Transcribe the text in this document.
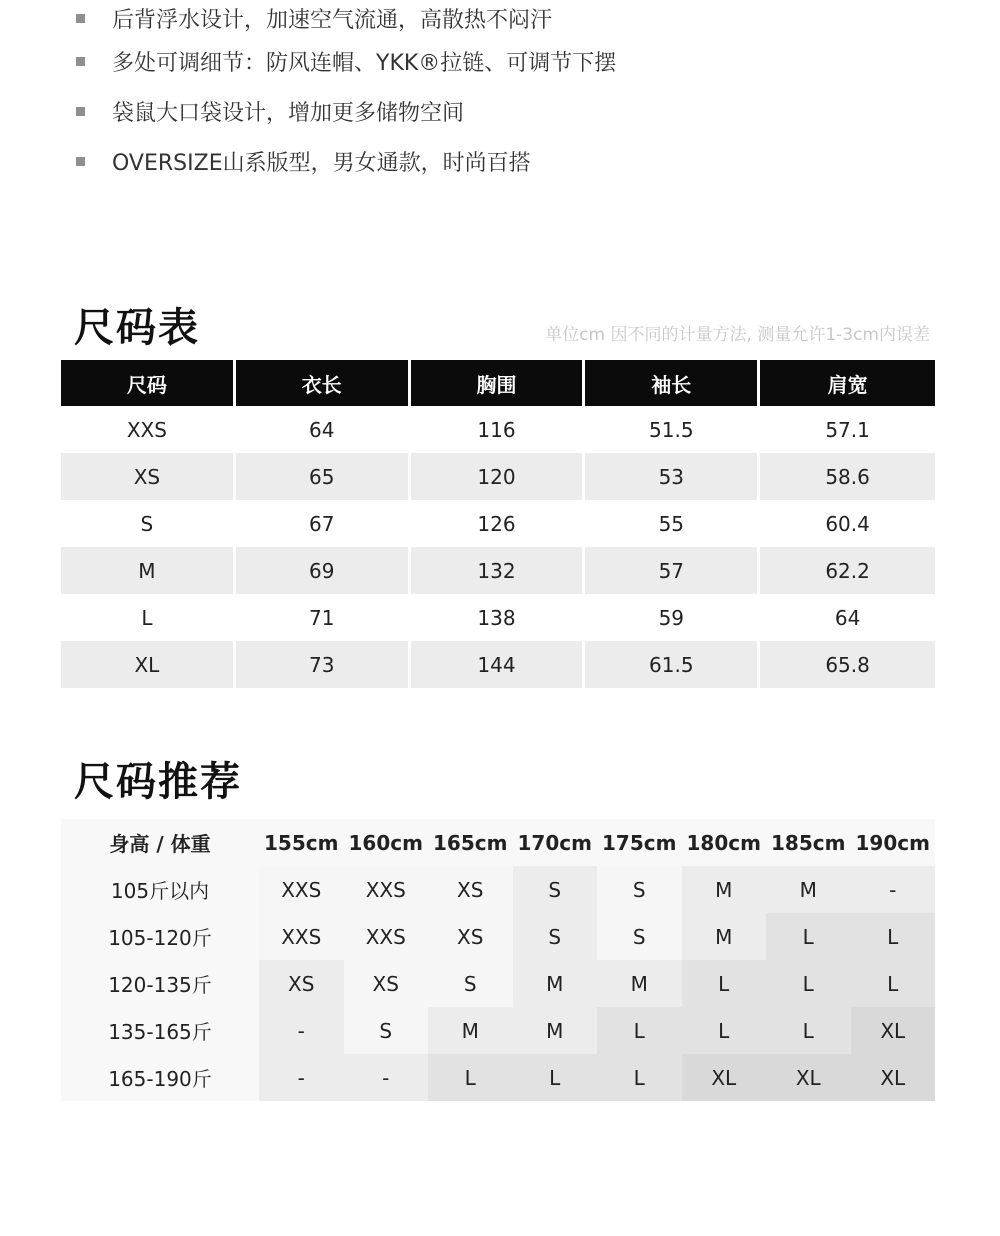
后背浮水设计，加速空气流通，高散热不闷汗
多处可调细节：防风连帽、YKK®拉链、可调节下摆
袋鼠大口袋设计，增加更多储物空间
OVERSIZE山系版型，男女通款，时尚百搭
尺码表	单位cm 因不同的计量方法, 测量允许1-3cm内误差
尺码	衣长	胸围	袖长	肩宽
XXS	64	116	51.5	57.1
XS	65	120	53	58.6
S	67	126	55	60.4
M	69	132	57	62.2
L	71	138	59	64
XL	73	144	61.5	65.8
尺码推荐
身高 / 体重	155cm	160cm	165cm	170cm	175cm	180cm	185cm	190cm
105斤以内	XXS	XXS	XS	S	S	M	M	-
105-120斤	XXS	XXS	XS	S	S	M	L	L
120-135斤	XS	XS	S	M	M	L	L	L
135-165斤	-	S	M	M	L	L	L	XL
165-190斤	-	-	L	L	L	XL	XL	XL
